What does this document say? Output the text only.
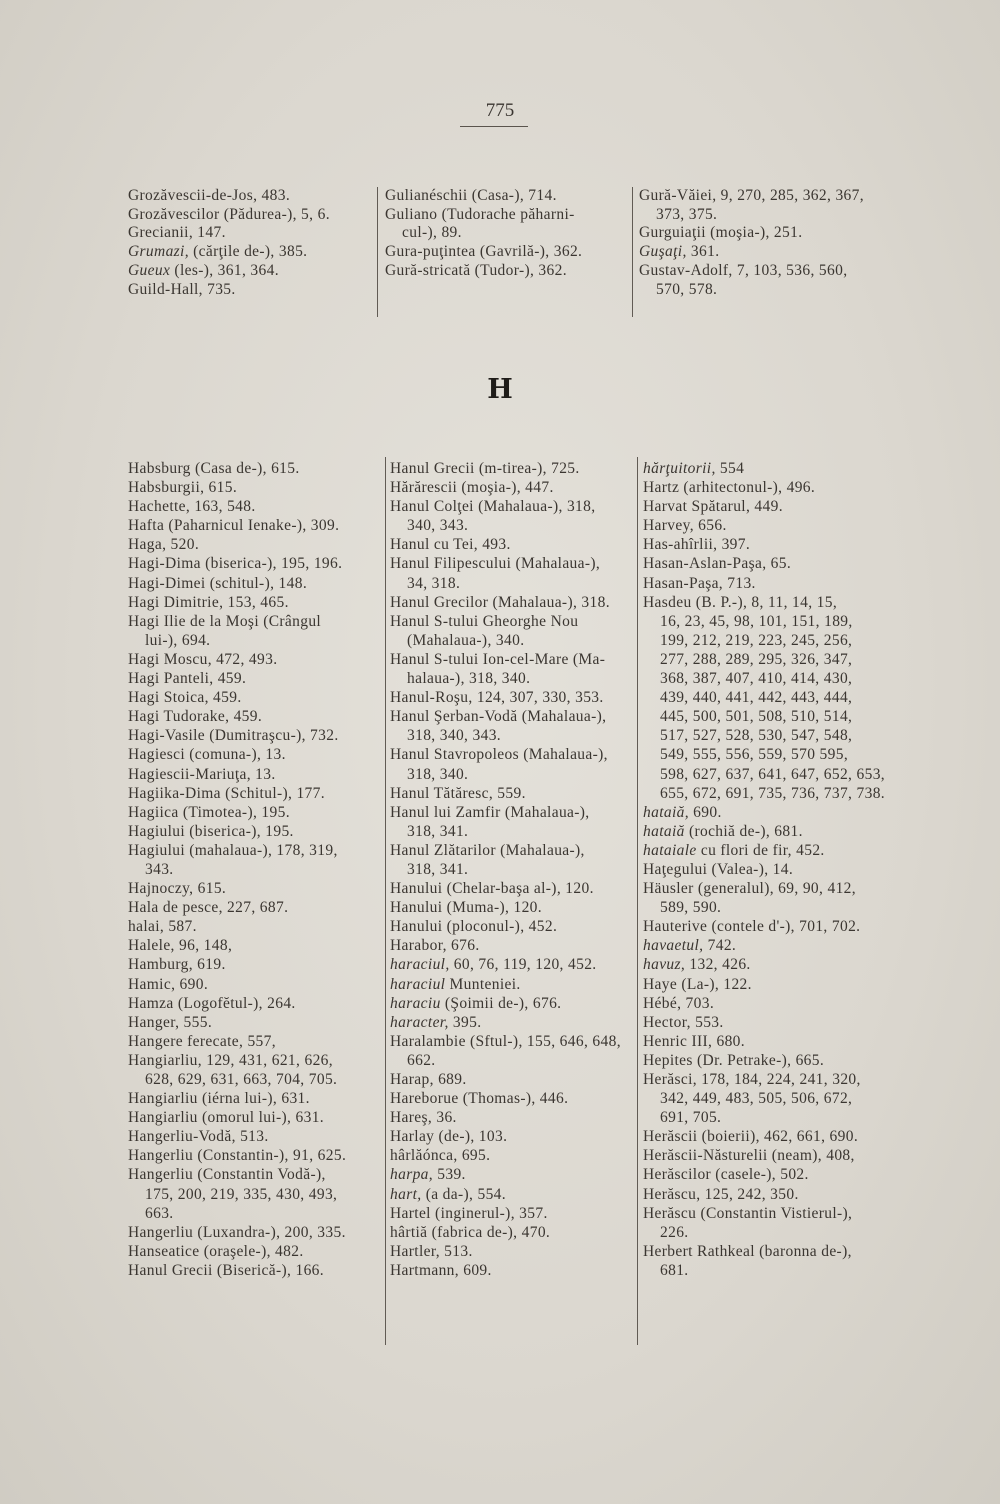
775
Grozăvescii-de-Jos, 483.
Grozăvescilor (Pădurea-), 5, 6.
Grecianii, 147.
Grumazi, (cărţile de-), 385.
Gueux (les-), 361, 364.
Guild-Hall, 735.
Gulianéschii (Casa-), 714.
Guliano (Tudorache păharni-
cul-), 89.
Gura-puţintea (Gavrilă-), 362.
Gură-stricată (Tudor-), 362.
Gură-Văiei, 9, 270, 285, 362, 367,
373, 375.
Gurguiaţii (moşia-), 251.
Guşaţi, 361.
Gustav-Adolf, 7, 103, 536, 560,
570, 578.
H
Habsburg (Casa de-), 615.
Habsburgii, 615.
Hachette, 163, 548.
Hafta (Paharnicul Ienake-), 309.
Haga, 520.
Hagi-Dima (biserica-), 195, 196.
Hagi-Dimei (schitul-), 148.
Hagi Dimitrie, 153, 465.
Hagi Ilie de la Moşi (Crângul
lui-), 694.
Hagi Moscu, 472, 493.
Hagi Panteli, 459.
Hagi Stoica, 459.
Hagi Tudorake, 459.
Hagi-Vasile (Dumitraşcu-), 732.
Hagiesci (comuna-), 13.
Hagiescii-Mariuţa, 13.
Hagiika-Dima (Schitul-), 177.
Hagiica (Timotea-), 195.
Hagiului (biserica-), 195.
Hagiului (mahalaua-), 178, 319,
343.
Hajnoczy, 615.
Hala de pesce, 227, 687.
halai, 587.
Halele, 96, 148,
Hamburg, 619.
Hamic, 690.
Hamza (Logofĕtul-), 264.
Hanger, 555.
Hangere ferecate, 557,
Hangiarliu, 129, 431, 621, 626,
628, 629, 631, 663, 704, 705.
Hangiarliu (iérna lui-), 631.
Hangiarliu (omorul lui-), 631.
Hangerliu-Vodă, 513.
Hangerliu (Constantin-), 91, 625.
Hangerliu (Constantin Vodă-),
175, 200, 219, 335, 430, 493,
663.
Hangerliu (Luxandra-), 200, 335.
Hanseatice (oraşele-), 482.
Hanul Grecii (Biserică-), 166.
Hanul Grecii (m-tirea-), 725.
Hărărescii (moşia-), 447.
Hanul Colţei (Mahalaua-), 318,
340, 343.
Hanul cu Tei, 493.
Hanul Filipescului (Mahalaua-),
34, 318.
Hanul Grecilor (Mahalaua-), 318.
Hanul S-tului Gheorghe Nou
(Mahalaua-), 340.
Hanul S-tului Ion-cel-Mare (Ma-
halaua-), 318, 340.
Hanul-Roşu, 124, 307, 330, 353.
Hanul Şerban-Vodă (Mahalaua-),
318, 340, 343.
Hanul Stavropoleos (Mahalaua-),
318, 340.
Hanul Tătăresc, 559.
Hanul lui Zamfir (Mahalaua-),
318, 341.
Hanul Zlătarilor (Mahalaua-),
318, 341.
Hanului (Chelar-başa al-), 120.
Hanului (Muma-), 120.
Hanului (ploconul-), 452.
Harabor, 676.
haraciul, 60, 76, 119, 120, 452.
haraciul Munteniei.
haraciu (Şoimii de-), 676.
haracter, 395.
Haralambie (Sftul-), 155, 646, 648,
662.
Harap, 689.
Hareborue (Thomas-), 446.
Hareş, 36.
Harlay (de-), 103.
hârlăónca, 695.
harpa, 539.
hart, (a da-), 554.
Hartel (inginerul-), 357.
hârtiă (fabrica de-), 470.
Hartler, 513.
Hartmann, 609.
hărţuitorii, 554
Hartz (arhitectonul-), 496.
Harvat Spătarul, 449.
Harvey, 656.
Has-ahîrlii, 397.
Hasan-Aslan-Paşa, 65.
Hasan-Paşa, 713.
Hasdeu (B. P.-), 8, 11, 14, 15,
16, 23, 45, 98, 101, 151, 189,
199, 212, 219, 223, 245, 256,
277, 288, 289, 295, 326, 347,
368, 387, 407, 410, 414, 430,
439, 440, 441, 442, 443, 444,
445, 500, 501, 508, 510, 514,
517, 527, 528, 530, 547, 548,
549, 555, 556, 559, 570 595,
598, 627, 637, 641, 647, 652, 653,
655, 672, 691, 735, 736, 737, 738.
hataiă, 690.
hataiă (rochiă de-), 681.
hataiale cu flori de fir, 452.
Haţegului (Valea-), 14.
Häusler (generalul), 69, 90, 412,
589, 590.
Hauterive (contele d'-), 701, 702.
havaetul, 742.
havuz, 132, 426.
Haye (La-), 122.
Hébé, 703.
Hector, 553.
Henric III, 680.
Hepites (Dr. Petrake-), 665.
Herăsci, 178, 184, 224, 241, 320,
342, 449, 483, 505, 506, 672,
691, 705.
Herăscii (boierii), 462, 661, 690.
Herăscii-Năsturelii (neam), 408,
Herăscilor (casele-), 502.
Herăscu, 125, 242, 350.
Herăscu (Constantin Vistierul-),
226.
Herbert Rathkeal (baronna de-),
681.
